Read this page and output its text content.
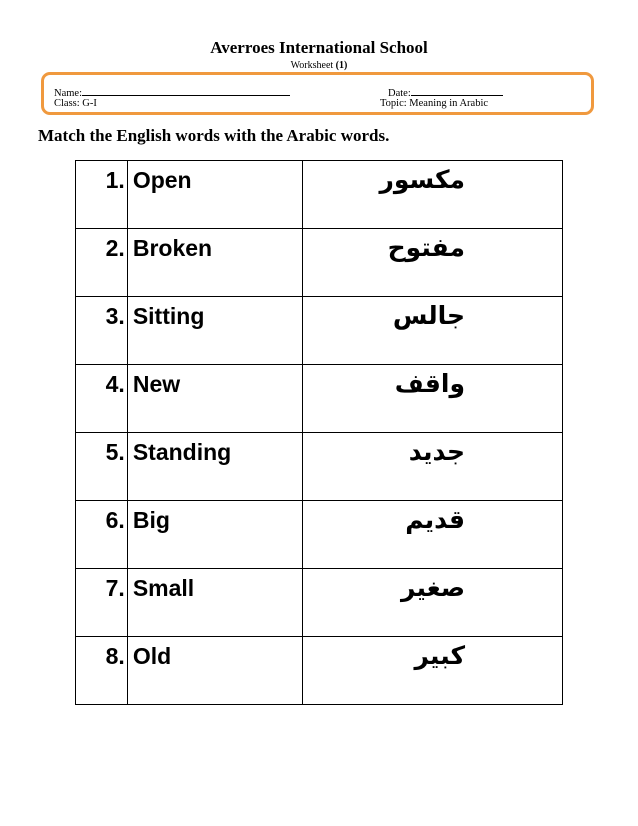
Averroes International School
Worksheet (1)
Name:
Class: G-I
Date:
Topic: Meaning in Arabic
Match the English words with the Arabic words.
1.	Open	مكسور
2.	Broken	مفتوح
3.	Sitting	جالس
4.	New	واقف
5.	Standing	جديد
6.	Big	قديم
7.	Small	صغير
8.	Old	كبير
